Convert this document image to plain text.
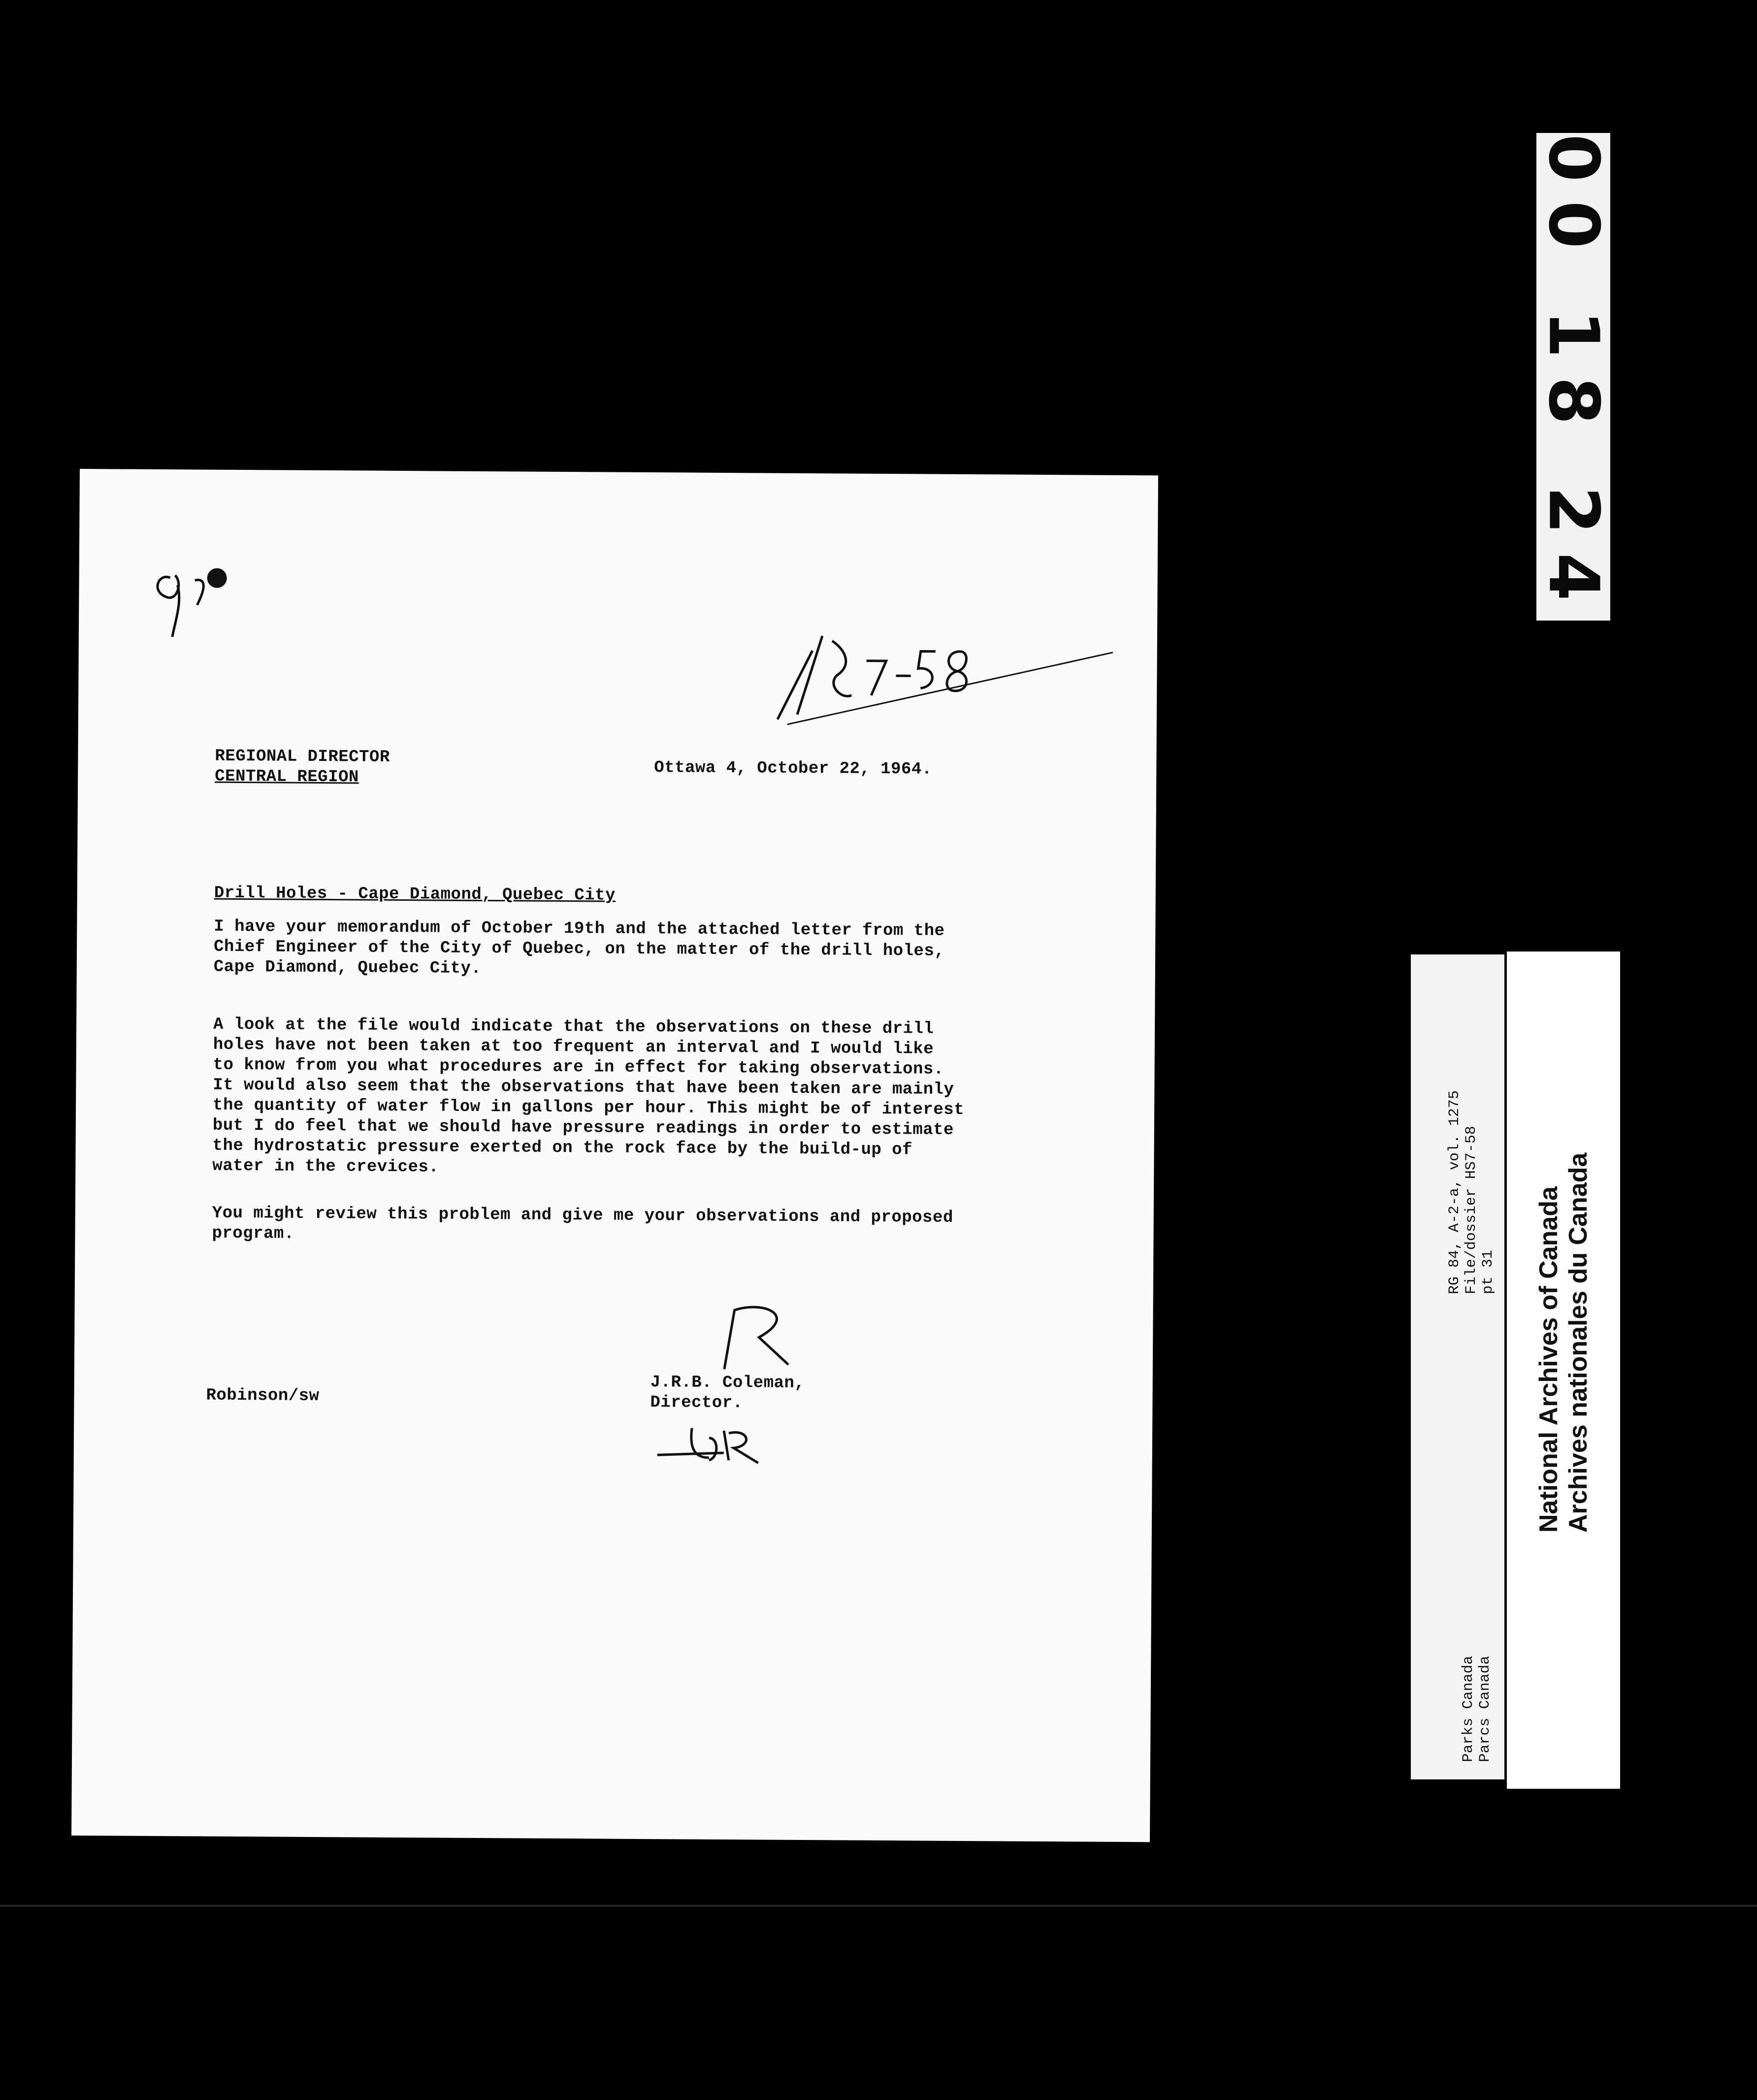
00 18 24
REGIONAL DIRECTOR
CENTRAL REGION	Ottawa 4, October 22, 1964.
Drill Holes - Cape Diamond, Quebec City
I have your memorandum of October 19th and the attached letter from the
Chief Engineer of the City of Quebec, on the matter of the drill holes,
Cape Diamond, Quebec City.
A look at the file would indicate that the observations on these drill
holes have not been taken at too frequent an interval and I would like
to know from you what procedures are in effect for taking observations.
It would also seem that the observations that have been taken are mainly
the quantity of water flow in gallons per hour. This might be of interest
but I do feel that we should have pressure readings in order to estimate
the hydrostatic pressure exerted on the rock face by the build-up of
water in the crevices.
You might review this problem and give me your observations and proposed
program.
Robinson/sw
J.R.B. Coleman,
Director.
RG 84, A-2-a, vol. 1275 File/dossier HS7-58 pt 31
Parks Canada Parcs Canada
National Archives of Canada Archives nationales du Canada
